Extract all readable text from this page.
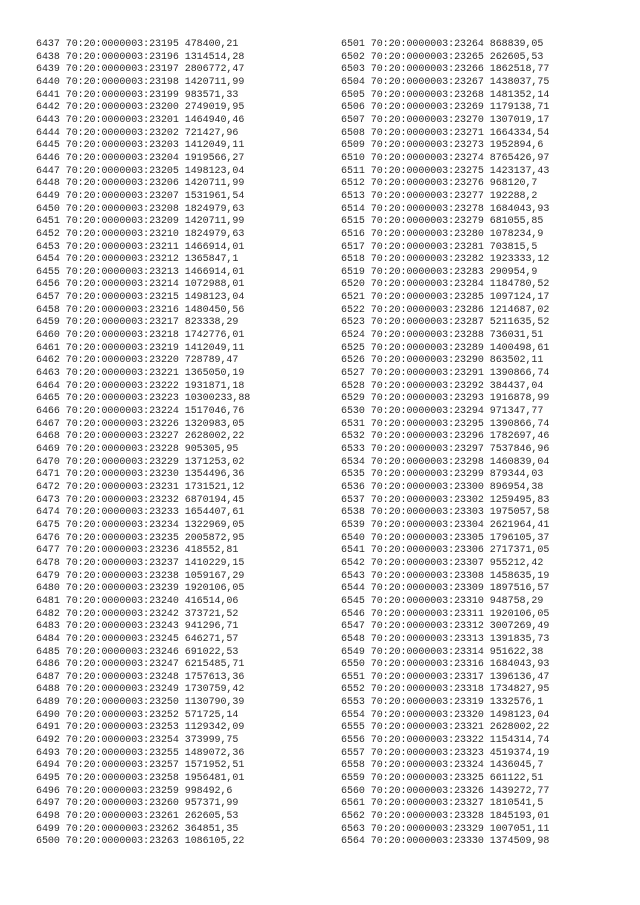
6437 70:20:0000003:23195 478400,21
6438 70:20:0000003:23196 1314514,28
6439 70:20:0000003:23197 2806772,47
6440 70:20:0000003:23198 1420711,99
6441 70:20:0000003:23199 983571,33
6442 70:20:0000003:23200 2749019,95
6443 70:20:0000003:23201 1464940,46
6444 70:20:0000003:23202 721427,96
6445 70:20:0000003:23203 1412049,11
6446 70:20:0000003:23204 1919566,27
6447 70:20:0000003:23205 1498123,04
6448 70:20:0000003:23206 1420711,99
6449 70:20:0000003:23207 1531961,54
6450 70:20:0000003:23208 1824979,63
6451 70:20:0000003:23209 1420711,99
6452 70:20:0000003:23210 1824979,63
6453 70:20:0000003:23211 1466914,01
6454 70:20:0000003:23212 1365847,1
6455 70:20:0000003:23213 1466914,01
6456 70:20:0000003:23214 1072988,01
6457 70:20:0000003:23215 1498123,04
6458 70:20:0000003:23216 1480450,56
6459 70:20:0000003:23217 823338,29
6460 70:20:0000003:23218 1742776,01
6461 70:20:0000003:23219 1412049,11
6462 70:20:0000003:23220 728789,47
6463 70:20:0000003:23221 1365050,19
6464 70:20:0000003:23222 1931871,18
6465 70:20:0000003:23223 10300233,88
6466 70:20:0000003:23224 1517046,76
6467 70:20:0000003:23226 1320983,05
6468 70:20:0000003:23227 2628002,22
6469 70:20:0000003:23228 905305,95
6470 70:20:0000003:23229 1371253,02
6471 70:20:0000003:23230 1354496,36
6472 70:20:0000003:23231 1731521,12
6473 70:20:0000003:23232 6870194,45
6474 70:20:0000003:23233 1654407,61
6475 70:20:0000003:23234 1322969,05
6476 70:20:0000003:23235 2005872,95
6477 70:20:0000003:23236 418552,81
6478 70:20:0000003:23237 1410229,15
6479 70:20:0000003:23238 1059167,29
6480 70:20:0000003:23239 1920106,05
6481 70:20:0000003:23240 416514,06
6482 70:20:0000003:23242 373721,52
6483 70:20:0000003:23243 941296,71
6484 70:20:0000003:23245 646271,57
6485 70:20:0000003:23246 691022,53
6486 70:20:0000003:23247 6215485,71
6487 70:20:0000003:23248 1757613,36
6488 70:20:0000003:23249 1730759,42
6489 70:20:0000003:23250 1130790,39
6490 70:20:0000003:23252 571725,14
6491 70:20:0000003:23253 1129342,09
6492 70:20:0000003:23254 373999,75
6493 70:20:0000003:23255 1489072,36
6494 70:20:0000003:23257 1571952,51
6495 70:20:0000003:23258 1956481,01
6496 70:20:0000003:23259 998492,6
6497 70:20:0000003:23260 957371,99
6498 70:20:0000003:23261 262605,53
6499 70:20:0000003:23262 364851,35
6500 70:20:0000003:23263 1086105,22
6501 70:20:0000003:23264 868839,05
6502 70:20:0000003:23265 262605,53
6503 70:20:0000003:23266 1862518,77
6504 70:20:0000003:23267 1438037,75
6505 70:20:0000003:23268 1481352,14
6506 70:20:0000003:23269 1179138,71
6507 70:20:0000003:23270 1307019,17
6508 70:20:0000003:23271 1664334,54
6509 70:20:0000003:23273 1952894,6
6510 70:20:0000003:23274 8765426,97
6511 70:20:0000003:23275 1423137,43
6512 70:20:0000003:23276 968120,7
6513 70:20:0000003:23277 192288,2
6514 70:20:0000003:23278 1684043,93
6515 70:20:0000003:23279 681055,85
6516 70:20:0000003:23280 1078234,9
6517 70:20:0000003:23281 703815,5
6518 70:20:0000003:23282 1923333,12
6519 70:20:0000003:23283 290954,9
6520 70:20:0000003:23284 1184780,52
6521 70:20:0000003:23285 1097124,17
6522 70:20:0000003:23286 1214687,02
6523 70:20:0000003:23287 5211635,52
6524 70:20:0000003:23288 736031,51
6525 70:20:0000003:23289 1400498,61
6526 70:20:0000003:23290 863502,11
6527 70:20:0000003:23291 1390866,74
6528 70:20:0000003:23292 384437,04
6529 70:20:0000003:23293 1916878,99
6530 70:20:0000003:23294 971347,77
6531 70:20:0000003:23295 1390866,74
6532 70:20:0000003:23296 1782697,46
6533 70:20:0000003:23297 7537846,96
6534 70:20:0000003:23298 1460839,04
6535 70:20:0000003:23299 879344,03
6536 70:20:0000003:23300 896954,38
6537 70:20:0000003:23302 1259495,83
6538 70:20:0000003:23303 1975057,58
6539 70:20:0000003:23304 2621964,41
6540 70:20:0000003:23305 1796105,37
6541 70:20:0000003:23306 2717371,05
6542 70:20:0000003:23307 955212,42
6543 70:20:0000003:23308 1458635,19
6544 70:20:0000003:23309 1897516,57
6545 70:20:0000003:23310 948758,29
6546 70:20:0000003:23311 1920106,05
6547 70:20:0000003:23312 3007269,49
6548 70:20:0000003:23313 1391835,73
6549 70:20:0000003:23314 951622,38
6550 70:20:0000003:23316 1684043,93
6551 70:20:0000003:23317 1396136,47
6552 70:20:0000003:23318 1734827,95
6553 70:20:0000003:23319 1332576,1
6554 70:20:0000003:23320 1498123,04
6555 70:20:0000003:23321 2628002,22
6556 70:20:0000003:23322 1154314,74
6557 70:20:0000003:23323 4519374,19
6558 70:20:0000003:23324 1436045,7
6559 70:20:0000003:23325 661122,51
6560 70:20:0000003:23326 1439272,77
6561 70:20:0000003:23327 1810541,5
6562 70:20:0000003:23328 1845193,01
6563 70:20:0000003:23329 1007051,11
6564 70:20:0000003:23330 1374509,98
